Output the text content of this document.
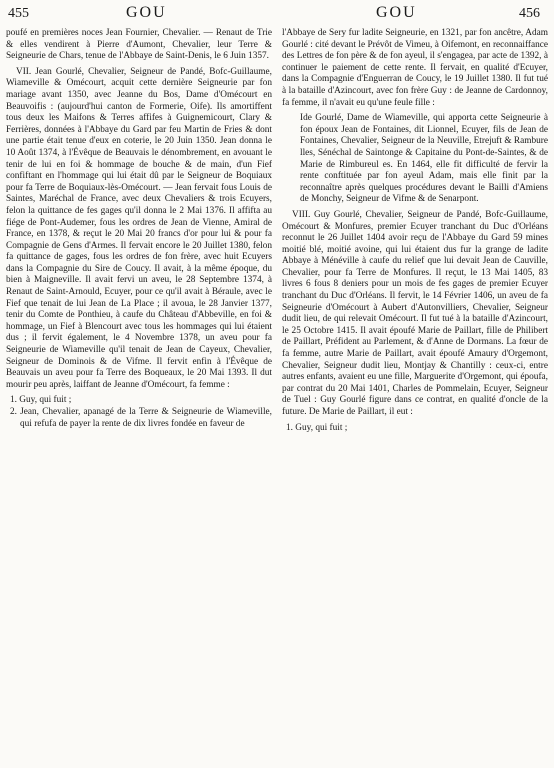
455	GOU	GOU	456

poufé en premières noces Jean Fournier, Chevalier. — Renaut de Trie & elles vendirent à Pierre d'Aumont, Chevalier, leur Terre & Seigneurie de Chars, tenue de l'Abbaye de Saint-Denis, le 6 Juin 1357.

VII. Jean Gourlé, Chevalier, Seigneur de Pandé, Bofc-Guillaume, Wiameville & Omécourt, acquit cette dernière Seigneurie par fon mariage avant 1350, avec Jeanne du Bos, Dame d'Omécourt en Beauvoifis : (aujourd'hui canton de Formerie, Oife). Ils amortiffent tous deux les Maifons & Terres affifes à Guignemicourt, Clary & Ferrières, données à l'Abbaye du Gard par feu Martin de Fries & dont une partie était tenue d'eux en coterie, le 20 Juin 1350. Jean donna le 10 Août 1374, à l'Évêque de Beauvais le dénombrement, en avouant le tenir de lui en foi & hommage de bouche & de main, d'un Fief confiftant en l'hommage qui lui était dû par le Seigneur de Boquiaux pour fa Terre de Boquiaux-lès-Omécourt. — Jean fervait fous Louis de Saintes, Maréchal de France, avec deux Chevaliers & trois Ecuyers, felon la quittance de fes gages qu'il donna le 2 Mai 1376. Il affifta au fiége de Pont-Audemer, fous les ordres de Jean de Vienne, Amiral de France, en 1378, & reçut le 20 Mai 20 francs d'or pour lui & pour fa Compagnie de Gens d'Armes. Il fervait encore le 20 Juillet 1380, felon fa quittance de gages, fous les ordres de fon frère, avec huit Ecuyers dans la Compagnie du Sire de Coucy. Il avait, à la même époque, du bien à Maigneville. Il avait fervi un aveu, le 28 Septembre 1374, à Renaut de Saint-Arnould, Ecuyer, pour ce qu'il avait à Béraule, avec le Fief que tenait de lui Jean de La Place ; il avoua, le 28 Janvier 1377, tenir du Comte de Ponthieu, à caufe du Château d'Abbeville, en foi & hommage, un Fief à Blencourt avec tous les hommages qui lui étaient dus ; il fervit également, le 4 Novembre 1378, un aveu pour fa Seigneurie de Wiameville qu'il tenait de Jean de Cayeux, Chevalier, Seigneur de Dominois & de Vifme. Il fervit enfin à l'Évêque de Beauvais un aveu pour fa Terre des Boqueaux, le 20 Mai 1393. Il dut mourir peu après, laiffant de Jeanne d'Omécourt, fa femme :

1. Guy, qui fuit ;

2. Jean, Chevalier, apanagé de la Terre & Seigneurie de Wiameville, qui refufa de payer la rente de dix livres fondée en faveur de

l'Abbaye de Sery fur ladite Seigneurie, en 1321, par fon ancêtre, Adam Gourlé : cité devant le Prévôt de Vimeu, à Oifemont, en reconnaiffance des Lettres de fon père & de fon ayeul, il s'engagea, par acte de 1392, à continuer le paiement de cette rente. Il fervait, en qualité d'Ecuyer, dans la Compagnie d'Enguerran de Coucy, le 19 Juillet 1380. Il fut tué à la bataille d'Azincourt, avec fon frère Guy : de Jeanne de Cardonnoy, fa femme, il n'avait eu qu'une feule fille :

Ide Gourlé, Dame de Wiameville, qui apporta cette Seigneurie à fon époux Jean de Fontaines, dit Lionnel, Ecuyer, fils de Jean de Fontaines, Chevalier, Seigneur de la Neuville, Etrejuft & Rambure lles, Sénéchal de Saintonge & Capitaine du Pont-de-Saintes, & de Marie de Rimbureul es. En 1464, elle fit difficulté de fervir la rente conftituée par fon ayeul Adam, mais elle finit par la reconnaître après quelques procédures devant le Bailli d'Amiens de Monchy, Seigneur de Vifme & de Senarpont.

VIII. Guy Gourlé, Chevalier, Seigneur de Pandé, Bofc-Guillaume, Omécourt & Monfures, premier Ecuyer tranchant du Duc d'Orléans reconnut le 26 Juillet 1404 avoir reçu de l'Abbaye du Gard 59 mines moitié blé, moitié avoine, qui lui étaient dus fur la grange de ladite Abbaye à Ménéville à caufe du relief que lui devait Jean de Cauville, Chevalier, pour fa Terre de Monfures. Il reçut, le 13 Mai 1405, 83 livres 6 fous 8 deniers pour un mois de fes gages de premier Ecuyer tranchant du Duc d'Orléans. Il fervit, le 14 Février 1406, un aveu de fa Seigneurie d'Omécourt à Aubert d'Autonvilliers, Chevalier, Seigneur dudit lieu, de qui relevait Omécourt. Il fut tué à la bataille d'Azincourt, le 25 Octobre 1415. Il avait époufé Marie de Paillart, fille de Philibert de Paillart, Préfident au Parlement, & d'Anne de Dormans. La fœur de fa femme, autre Marie de Paillart, avait époufé Amaury d'Orgemont, Chevalier, Seigneur dudit lieu, Montjay & Chantilly : ceux-ci, entre autres enfants, avaient eu une fille, Marguerite d'Orgemont, qui époufa, par contrat du 20 Mai 1401, Charles de Pommelain, Ecuyer, Seigneur de Tuel : Guy Gourlé figure dans ce contrat, en qualité d'oncle de la future. De Marie de Paillart, il eut :

1. Guy, qui fuit ;
